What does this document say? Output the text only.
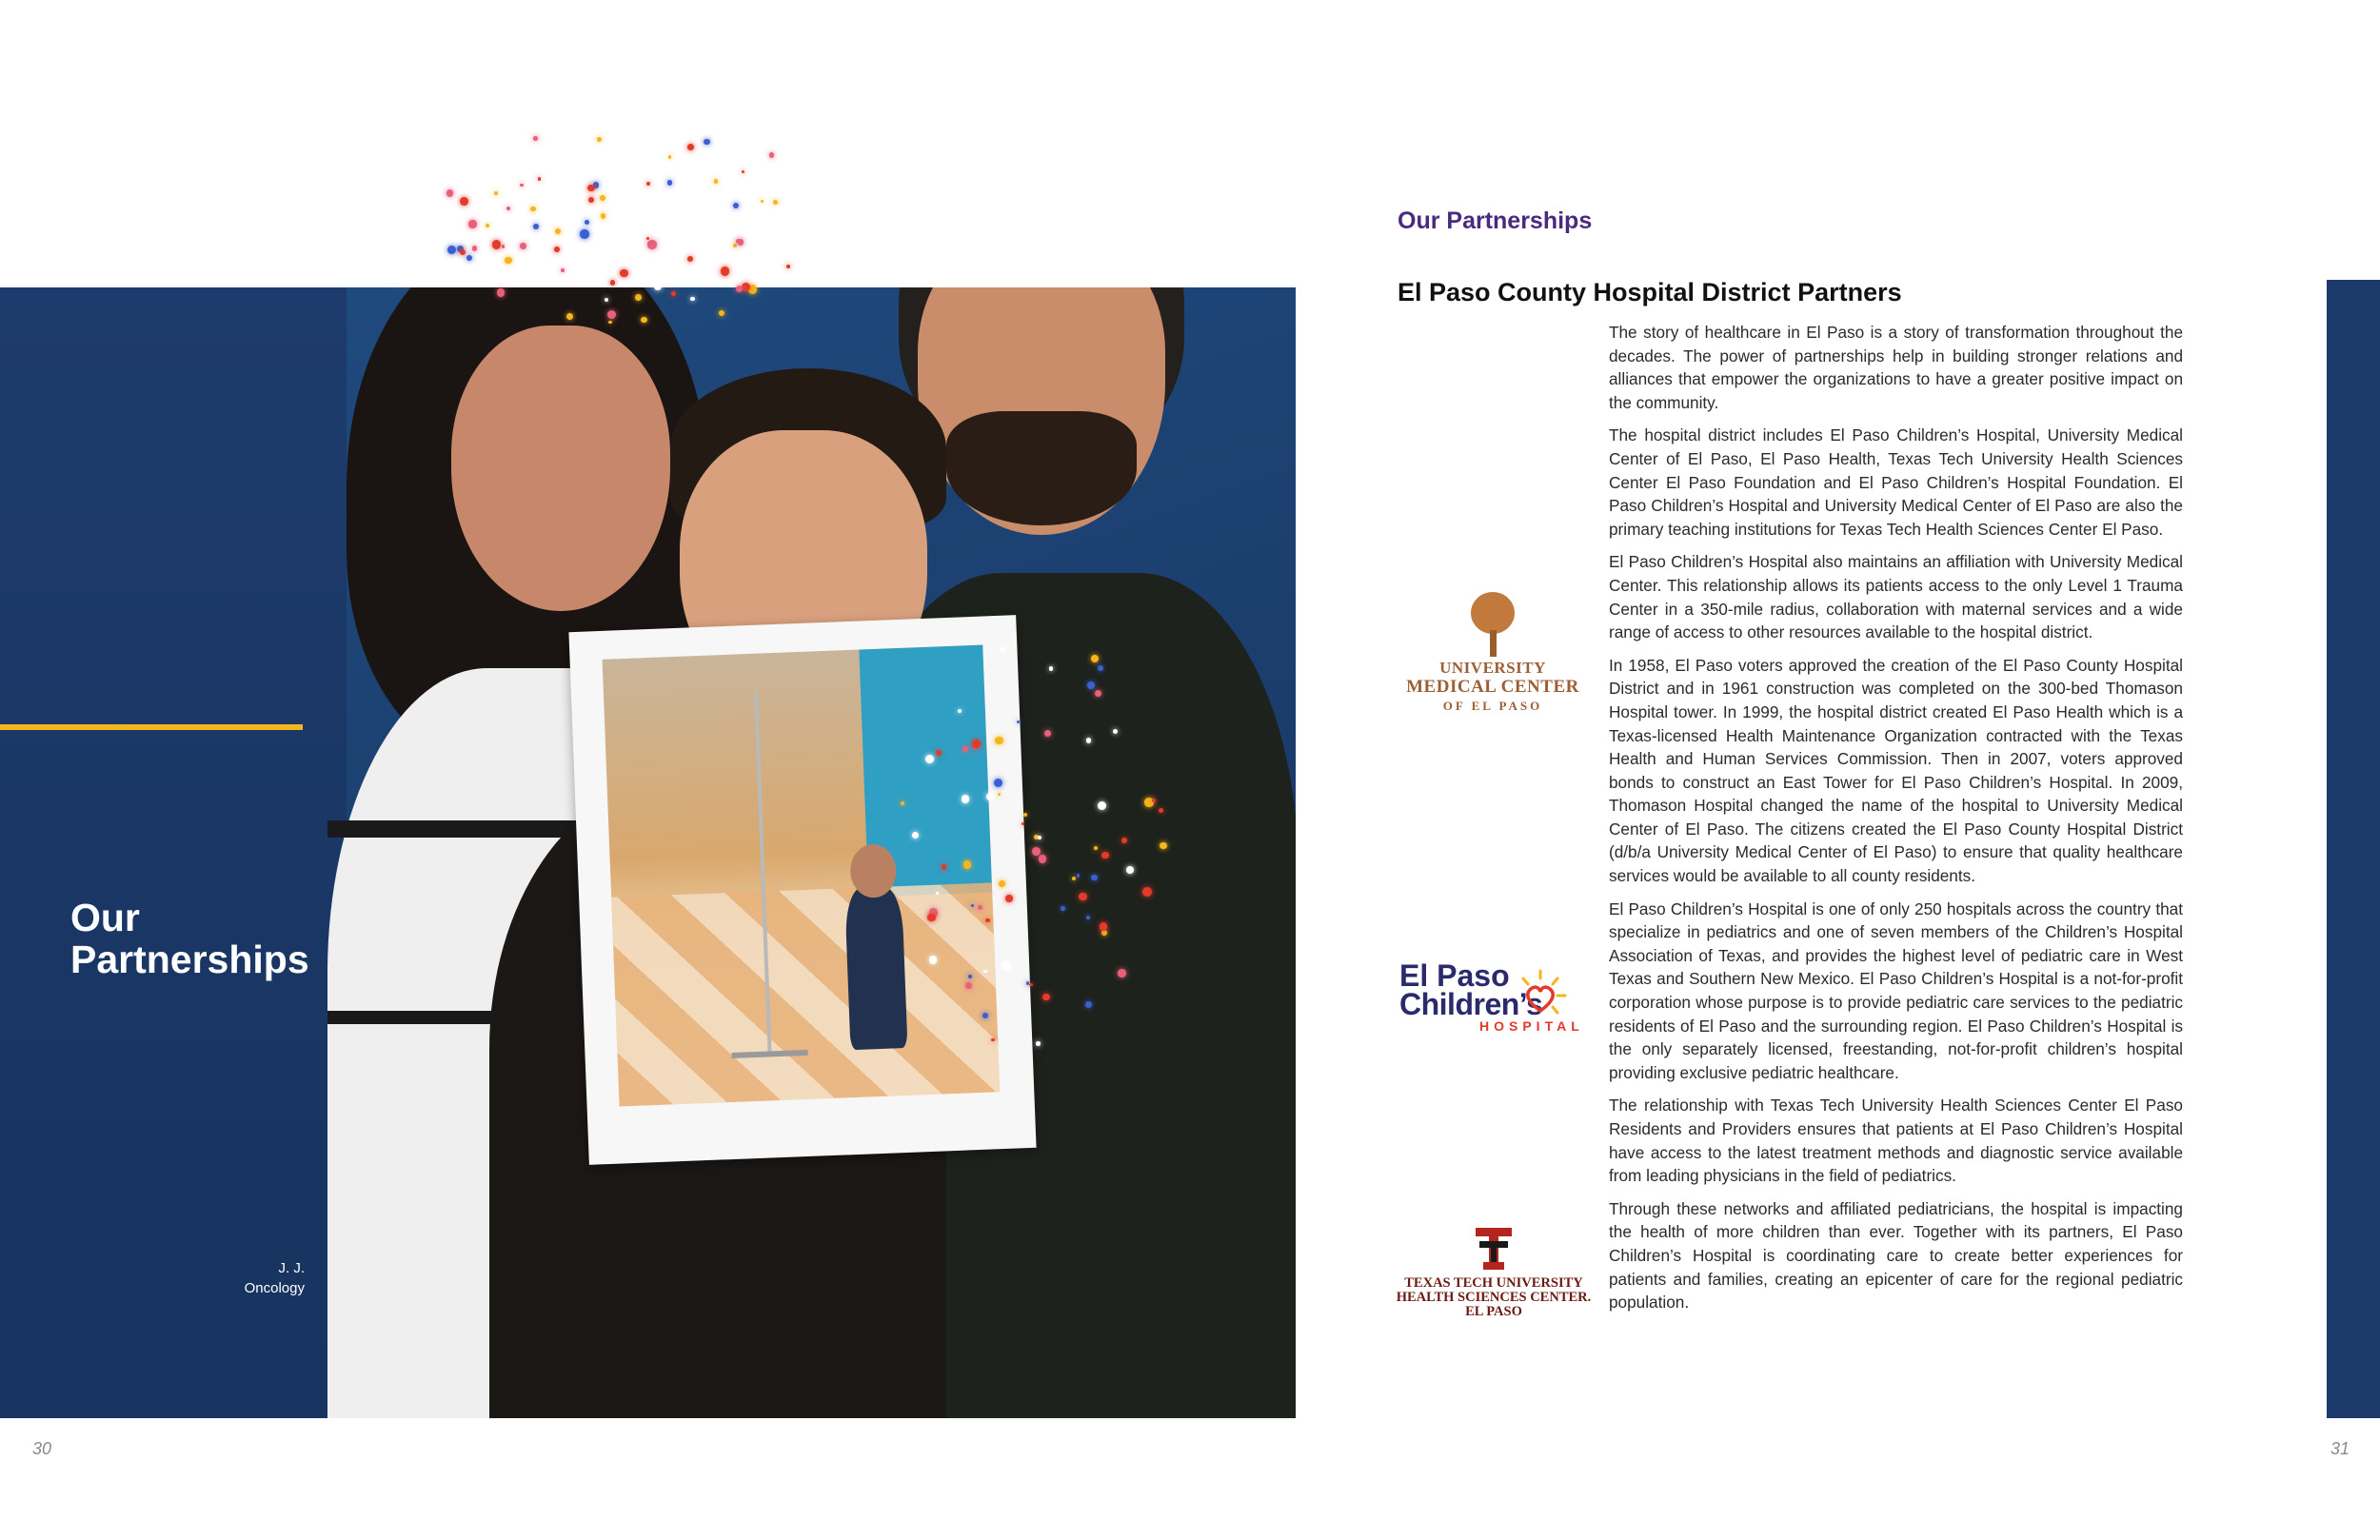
Our
Partnerships
J. J.
Oncology
30
Our Partnerships
El Paso County Hospital District Partners

The story of healthcare in El Paso is a story of transformation throughout the decades. The power of partnerships help in building stronger relations and alliances that empower the organizations to have a greater positive impact on the community.

The hospital district includes El Paso Children’s Hospital, University Medical Center of El Paso, El Paso Health, Texas Tech University Health Sciences Center El Paso Foundation and El Paso Children’s Hospital Foundation. El Paso Children’s Hospital and University Medical Center of El Paso are also the primary teaching institutions for Texas Tech Health Sciences Center El Paso.

El Paso Children’s Hospital also maintains an affiliation with University Medical Center. This relationship allows its patients access to the only Level 1 Trauma Center in a 350-mile radius, collaboration with maternal services and a wide range of access to other resources available to the hospital district.

In 1958, El Paso voters approved the creation of the El Paso County Hospital District and in 1961 construction was completed on the 300-bed Thomason Hospital tower. In 1999, the hospital district created El Paso Health which is a Texas-licensed Health Maintenance Organization contracted with the Texas Health and Human Services Commission. Then in 2007, voters approved bonds to construct an East Tower for El Paso Children’s Hospital. In 2009, Thomason Hospital changed the name of the hospital to University Medical Center of El Paso. The citizens created the El Paso County Hospital District (d/b/a University Medical Center of El Paso) to ensure that quality healthcare services would be available to all county residents.

El Paso Children’s Hospital is one of only 250 hospitals across the country that specialize in pediatrics and one of seven members of the Children’s Hospital Association of Texas, and provides the highest level of pediatric care in West Texas and Southern New Mexico. El Paso Children’s Hospital is a not-for-profit corporation whose purpose is to provide pediatric care services to the pediatric residents of El Paso and the surrounding region. El Paso Children’s Hospital is the only separately licensed, freestanding, not-for-profit children’s hospital providing exclusive pediatric healthcare.

The relationship with Texas Tech University Health Sciences Center El Paso Residents and Providers ensures that patients at El Paso Children’s Hospital have access to the latest treatment methods and diagnostic service available from leading physicians in the field of pediatrics.

Through these networks and affiliated pediatricians, the hospital is impacting the health of more children than ever. Together with its partners, El Paso Children’s Hospital is coordinating care to create better experiences for patients and families, creating an epicenter of care for the regional pediatric population.

UNIVERSITY
MEDICAL CENTER
OF EL PASO
El Paso
Children’s
HOSPITAL
TEXAS TECH UNIVERSITY
HEALTH SCIENCES CENTER.
EL PASO
31
